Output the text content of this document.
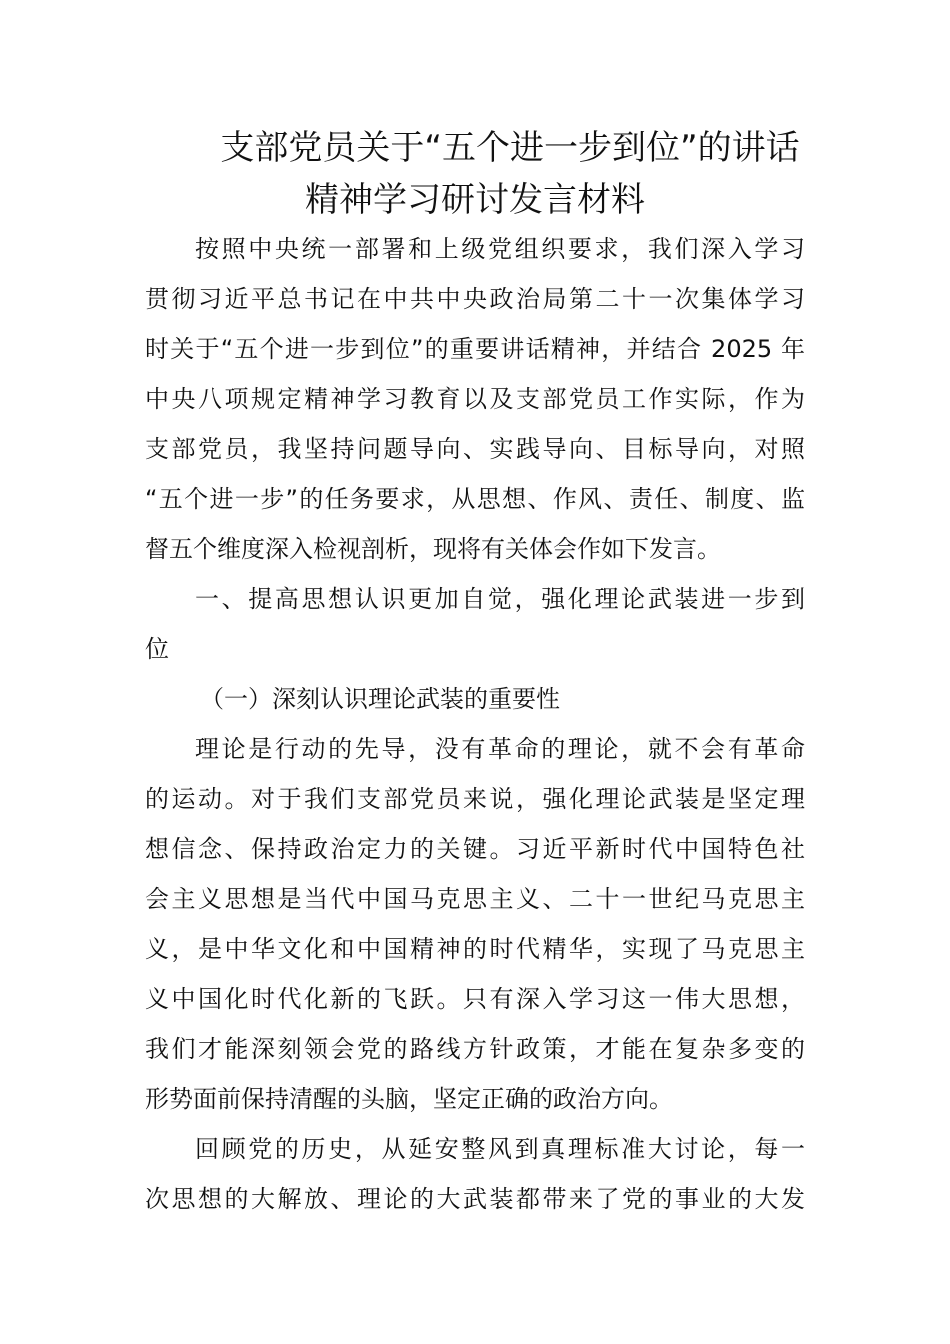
支部党员关于“五个进一步到位”的讲话
精神学习研讨发言材料
按照中央统一部署和上级党组织要求，我们深入学习
贯彻习近平总书记在中共中央政治局第二十一次集体学习
时关于“五个进一步到位”的重要讲话精神，并结合 2025 年
中央八项规定精神学习教育以及支部党员工作实际，作为
支部党员，我坚持问题导向、实践导向、目标导向，对照
“五个进一步”的任务要求，从思想、作风、责任、制度、监
督五个维度深入检视剖析，现将有关体会作如下发言。
一、提高思想认识更加自觉，强化理论武装进一步到
位
（一）深刻认识理论武装的重要性
理论是行动的先导，没有革命的理论，就不会有革命
的运动。对于我们支部党员来说，强化理论武装是坚定理
想信念、保持政治定力的关键。习近平新时代中国特色社
会主义思想是当代中国马克思主义、二十一世纪马克思主
义，是中华文化和中国精神的时代精华，实现了马克思主
义中国化时代化新的飞跃。只有深入学习这一伟大思想，
我们才能深刻领会党的路线方针政策，才能在复杂多变的
形势面前保持清醒的头脑，坚定正确的政治方向。
回顾党的历史，从延安整风到真理标准大讨论，每一
次思想的大解放、理论的大武装都带来了党的事业的大发
